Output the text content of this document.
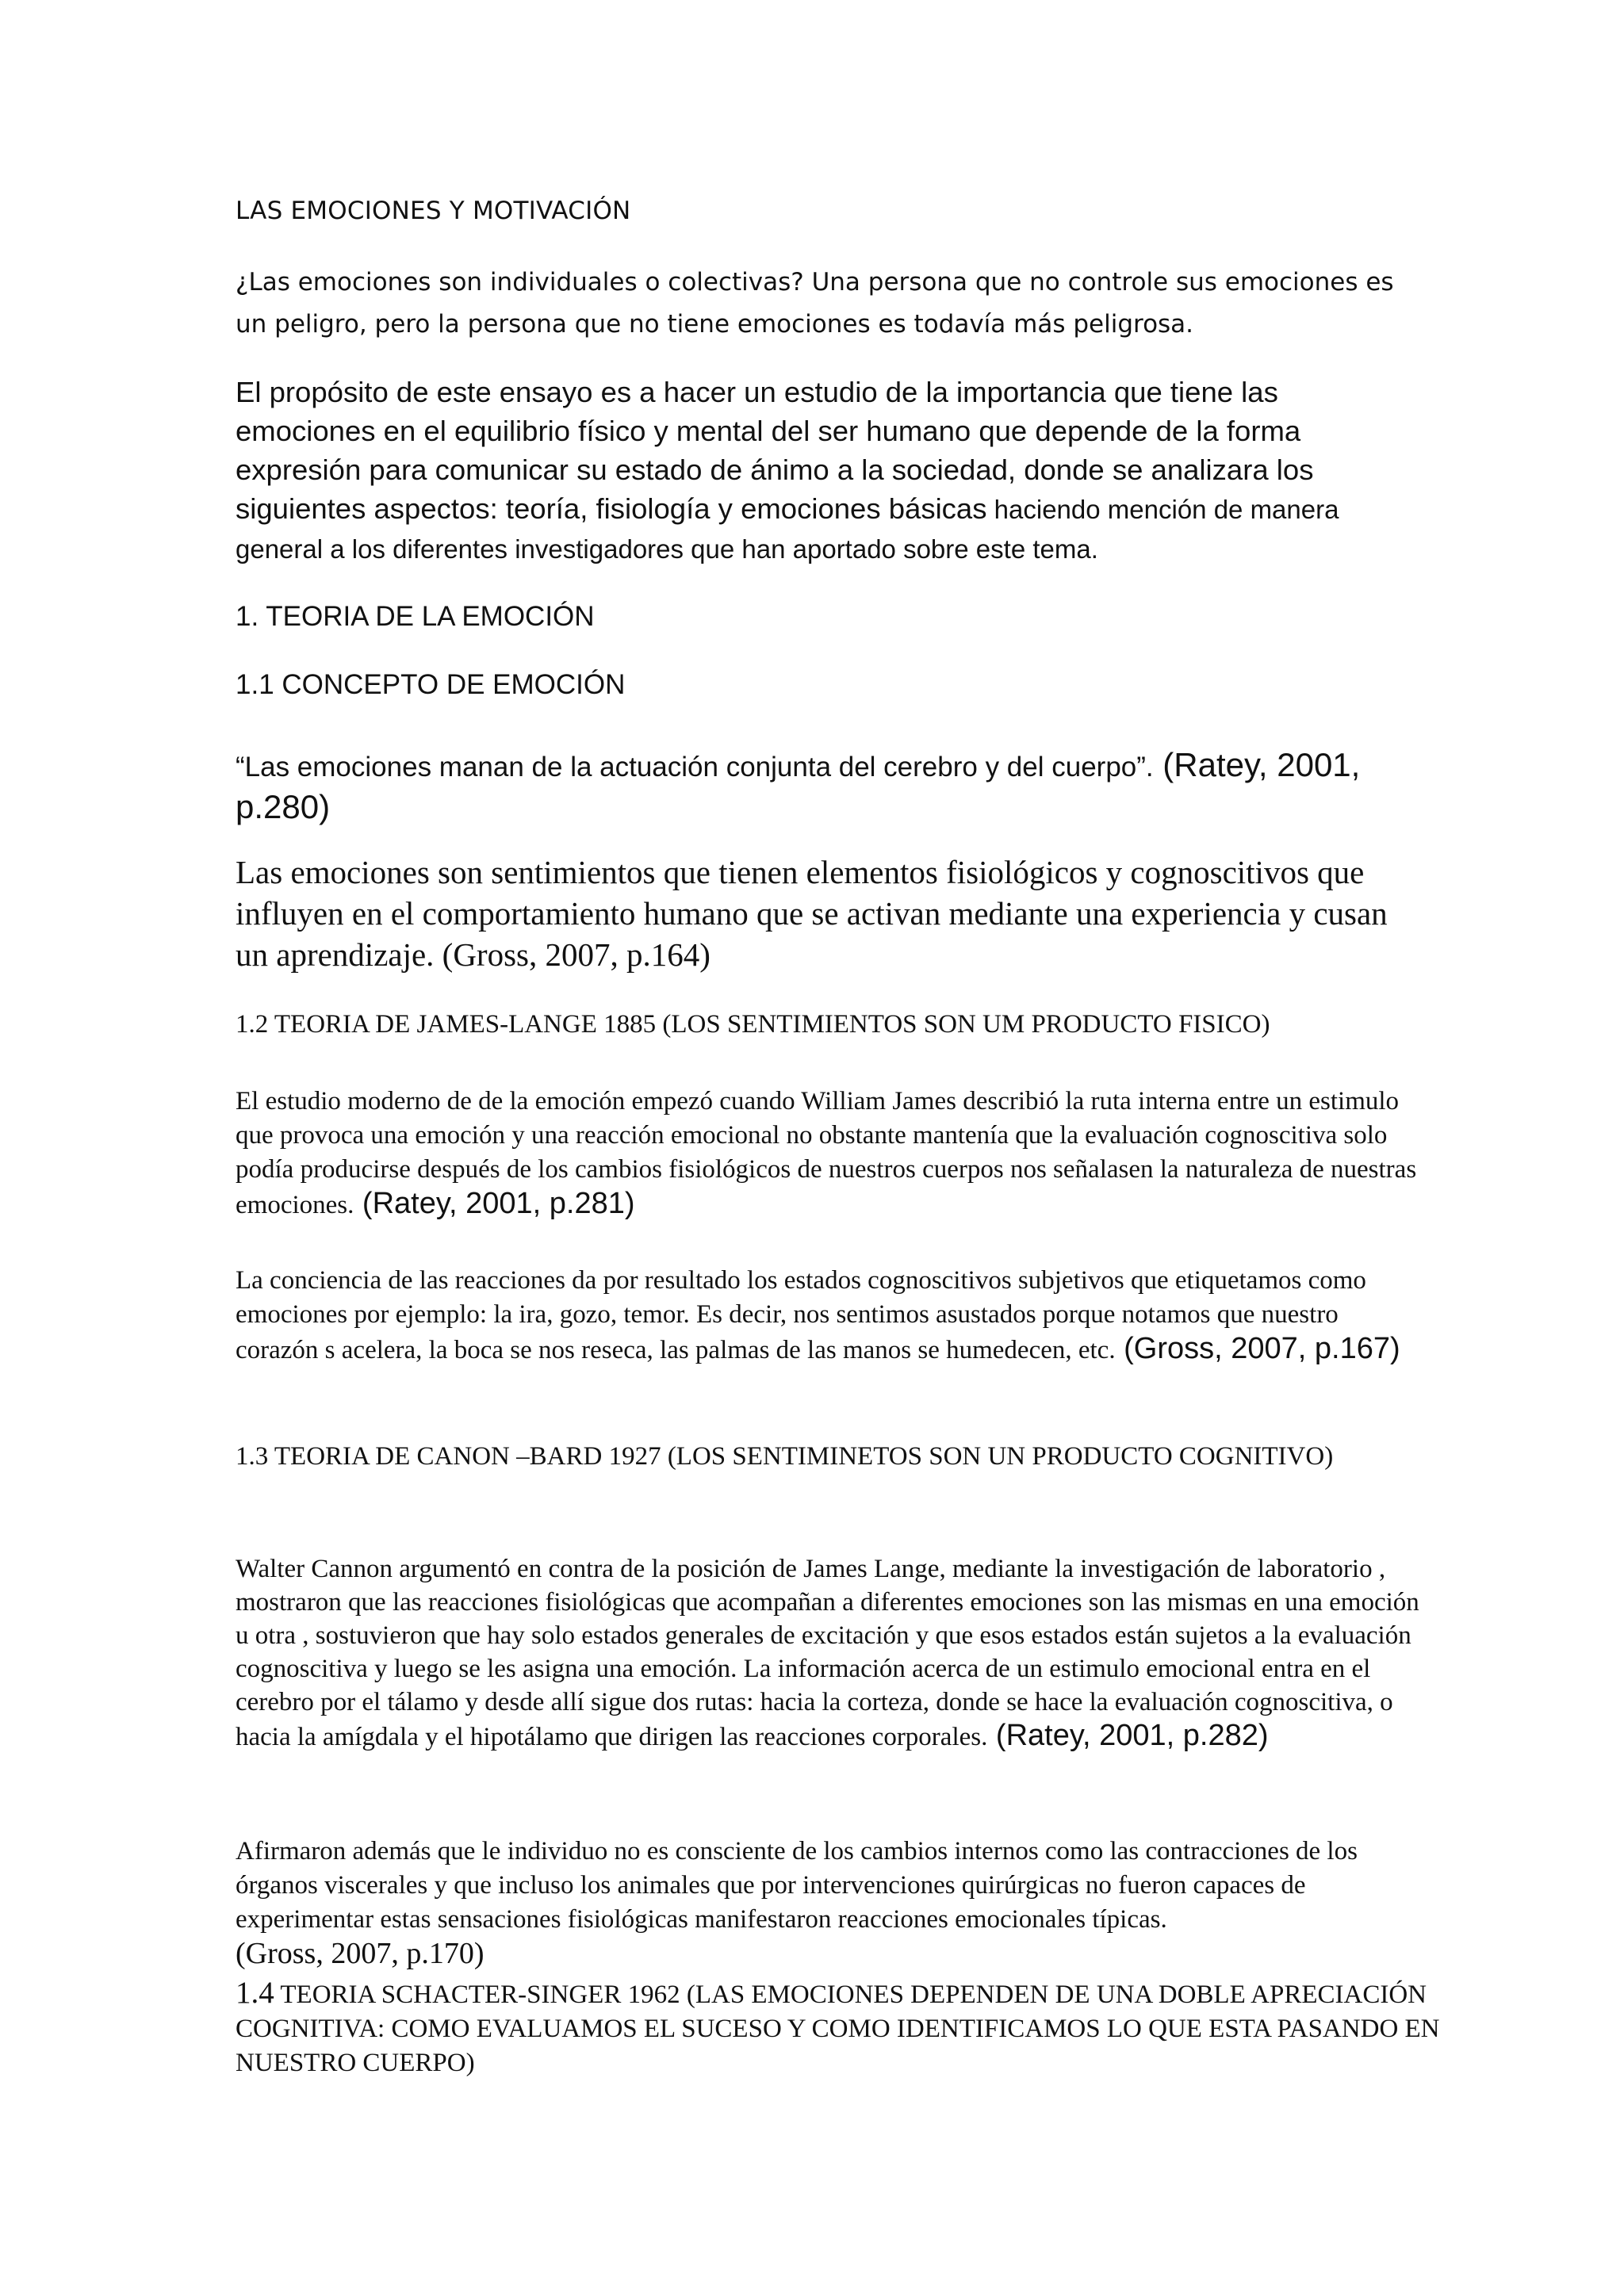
LAS EMOCIONES Y MOTIVACIÓN

¿Las emociones son individuales o colectivas? Una persona que no controle sus emociones es
un peligro, pero la persona que no tiene emociones es todavía más peligrosa.

El propósito de este ensayo es a hacer un estudio de la importancia que tiene las emociones en el equilibrio físico y mental del ser humano que depende de la forma expresión para comunicar su estado de ánimo a la sociedad, donde se analizara los siguientes aspectos: teoría, fisiología y emociones básicas haciendo mención de manera general a los diferentes investigadores que han aportado sobre este tema.

1. TEORIA DE LA EMOCIÓN

1.1 CONCEPTO DE EMOCIÓN

“Las emociones manan de la actuación conjunta del cerebro y del cuerpo”. (Ratey, 2001, p.280)

Las emociones son sentimientos que tienen elementos fisiológicos y cognoscitivos que influyen en el comportamiento humano que se activan mediante una experiencia y cusan un aprendizaje. (Gross, 2007, p.164)

1.2 TEORIA DE JAMES-LANGE 1885 (LOS SENTIMIENTOS SON UM PRODUCTO FISICO)

El estudio moderno de de la emoción empezó cuando William James describió la ruta interna entre un estimulo que provoca una emoción y una reacción emocional no obstante mantenía que la evaluación cognoscitiva solo podía producirse después de los cambios fisiológicos de nuestros cuerpos nos señalasen la naturaleza de nuestras emociones. (Ratey, 2001, p.281)

La conciencia de las reacciones da por resultado los estados cognoscitivos subjetivos que etiquetamos como emociones por ejemplo: la ira, gozo, temor. Es decir, nos sentimos asustados porque notamos que nuestro corazón s acelera, la boca se nos reseca, las palmas de las manos se humedecen, etc. (Gross, 2007, p.167)

1.3 TEORIA DE CANON –BARD 1927 (LOS SENTIMINETOS SON UN PRODUCTO COGNITIVO)

Walter Cannon argumentó en contra de la posición de James Lange, mediante la investigación de laboratorio , mostraron que las reacciones fisiológicas que acompañan a diferentes emociones son las mismas en una emoción u otra , sostuvieron que hay solo estados generales de excitación y que esos estados están sujetos a la evaluación cognoscitiva y luego se les asigna una emoción. La información acerca de un estimulo emocional entra en el cerebro por el tálamo y desde allí sigue dos rutas: hacia la corteza, donde se hace la evaluación cognoscitiva, o hacia la amígdala y el hipotálamo que dirigen las reacciones corporales. (Ratey, 2001, p.282)

Afirmaron además que le individuo no es consciente de los cambios internos como las contracciones de los órganos viscerales y que incluso los animales que por intervenciones quirúrgicas no fueron capaces de experimentar estas sensaciones fisiológicas manifestaron reacciones emocionales típicas.
(Gross, 2007, p.170)

1.4 TEORIA SCHACTER-SINGER 1962 (LAS EMOCIONES DEPENDEN DE UNA DOBLE APRECIACIÓN COGNITIVA: COMO EVALUAMOS EL SUCESO Y COMO IDENTIFICAMOS LO QUE ESTA PASANDO EN NUESTRO CUERPO)
